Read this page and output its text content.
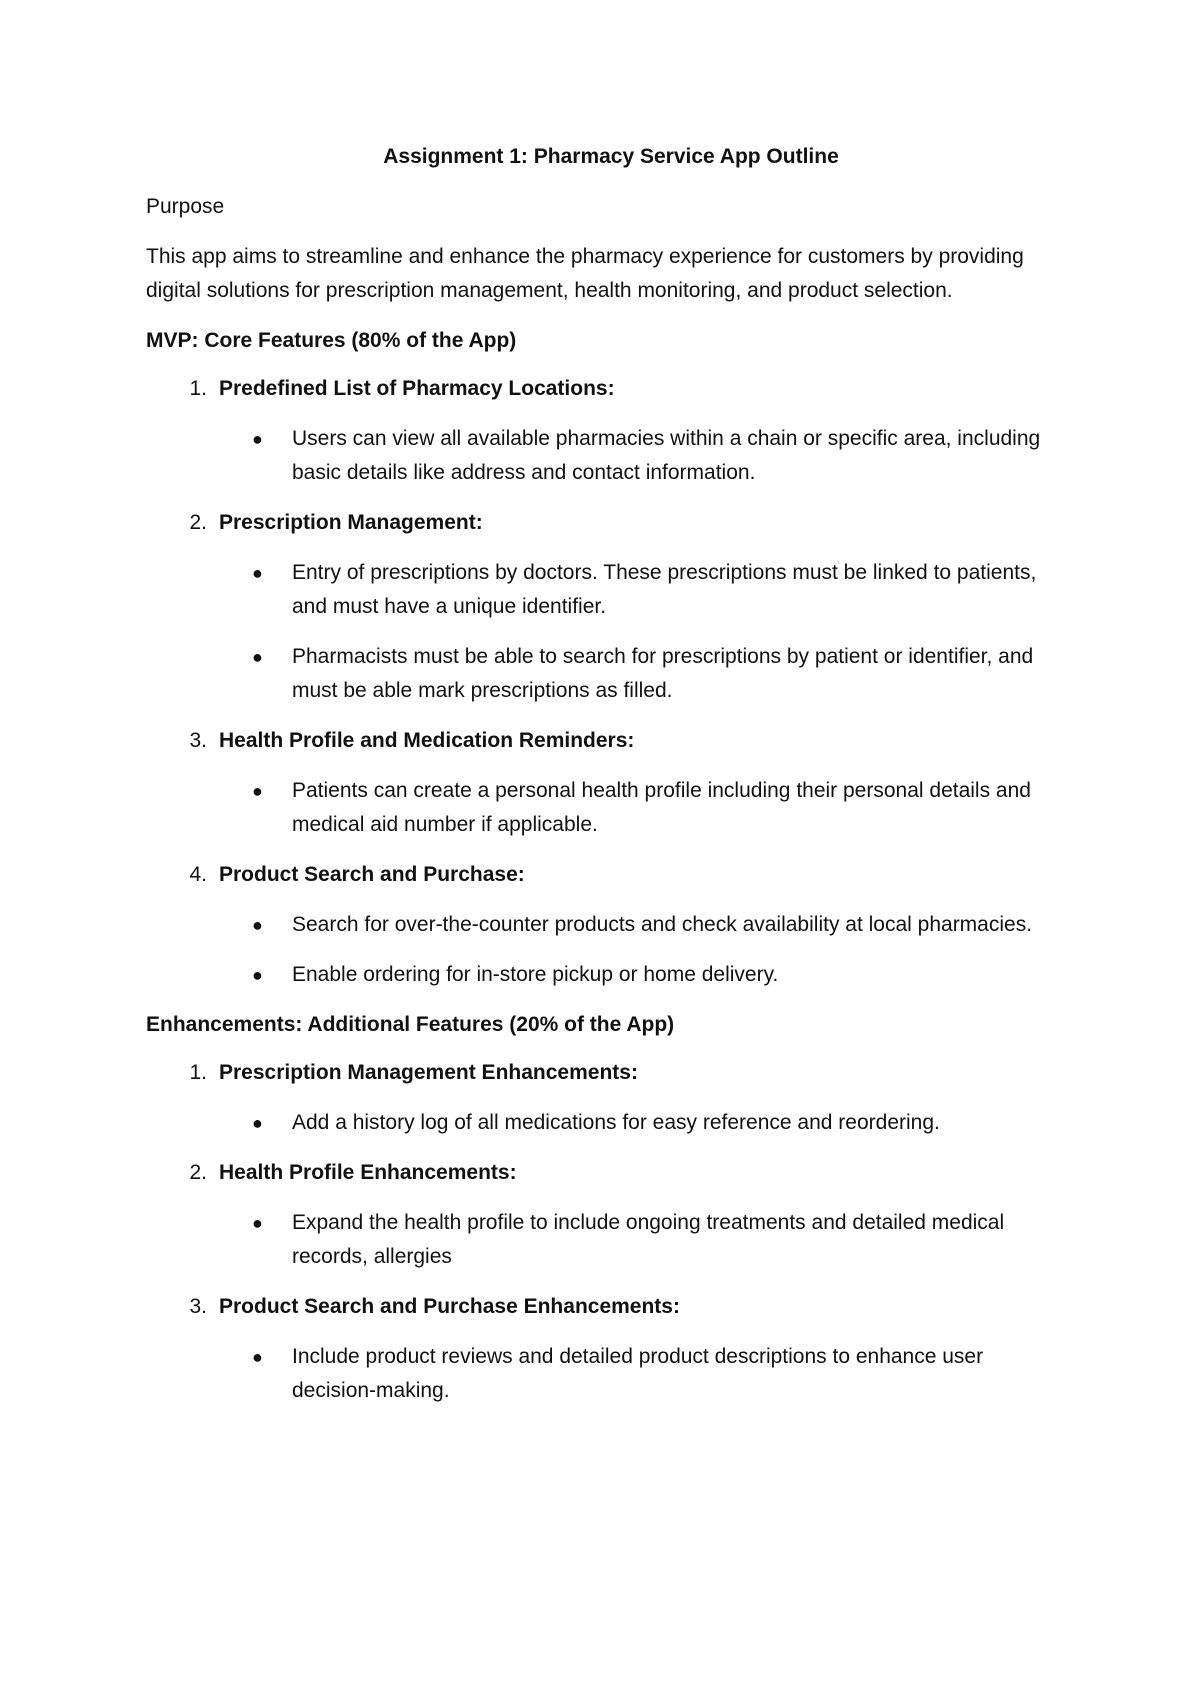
Assignment 1: Pharmacy Service App Outline
Purpose
This app aims to streamline and enhance the pharmacy experience for customers by providing digital solutions for prescription management, health monitoring, and product selection.
MVP: Core Features (80% of the App)
1. Predefined List of Pharmacy Locations:
●	Users can view all available pharmacies within a chain or specific area, including basic details like address and contact information.
2. Prescription Management:
●	Entry of prescriptions by doctors. These prescriptions must be linked to patients, and must have a unique identifier.
●	Pharmacists must be able to search for prescriptions by patient or identifier, and must be able mark prescriptions as filled.
3. Health Profile and Medication Reminders:
●	Patients can create a personal health profile including their personal details and medical aid number if applicable.
4. Product Search and Purchase:
●	Search for over-the-counter products and check availability at local pharmacies.
●	Enable ordering for in-store pickup or home delivery.
Enhancements: Additional Features (20% of the App)
1. Prescription Management Enhancements:
●	Add a history log of all medications for easy reference and reordering.
2. Health Profile Enhancements:
●	Expand the health profile to include ongoing treatments and detailed medical records, allergies
3. Product Search and Purchase Enhancements:
●	Include product reviews and detailed product descriptions to enhance user decision-making.
